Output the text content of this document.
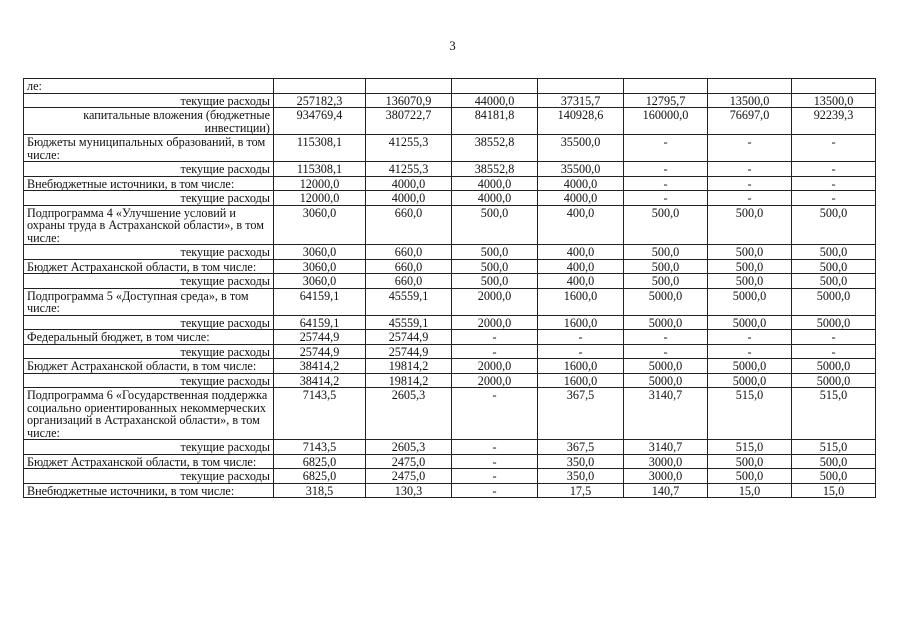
3
ле:							
текущие расходы	257182,3	136070,9	44000,0	37315,7	12795,7	13500,0	13500,0
капитальные вложения (бюджетные инвестиции)	934769,4	380722,7	84181,8	140928,6	160000,0	76697,0	92239,3
Бюджеты муниципальных образований, в том числе:	115308,1	41255,3	38552,8	35500,0	-	-	-
текущие расходы	115308,1	41255,3	38552,8	35500,0	-	-	-
Внебюджетные источники, в том числе:	12000,0	4000,0	4000,0	4000,0	-	-	-
текущие расходы	12000,0	4000,0	4000,0	4000,0	-	-	-
Подпрограмма 4 «Улучшение условий и охраны труда в Астраханской области», в том числе:	3060,0	660,0	500,0	400,0	500,0	500,0	500,0
текущие расходы	3060,0	660,0	500,0	400,0	500,0	500,0	500,0
Бюджет Астраханской области, в том числе:	3060,0	660,0	500,0	400,0	500,0	500,0	500,0
текущие расходы	3060,0	660,0	500,0	400,0	500,0	500,0	500,0
Подпрограмма 5 «Доступная среда», в том числе:	64159,1	45559,1	2000,0	1600,0	5000,0	5000,0	5000,0
текущие расходы	64159,1	45559,1	2000,0	1600,0	5000,0	5000,0	5000,0
Федеральный бюджет, в том числе:	25744,9	25744,9	-	-	-	-	-
текущие расходы	25744,9	25744,9	-	-	-	-	-
Бюджет Астраханской области, в том числе:	38414,2	19814,2	2000,0	1600,0	5000,0	5000,0	5000,0
текущие расходы	38414,2	19814,2	2000,0	1600,0	5000,0	5000,0	5000,0
Подпрограмма 6 «Государственная поддержка социально ориентированных некоммерческих организаций в Астраханской области», в том числе:	7143,5	2605,3	-	367,5	3140,7	515,0	515,0
текущие расходы	7143,5	2605,3	-	367,5	3140,7	515,0	515,0
Бюджет Астраханской области, в том числе:	6825,0	2475,0	-	350,0	3000,0	500,0	500,0
текущие расходы	6825,0	2475,0	-	350,0	3000,0	500,0	500,0
Внебюджетные источники, в том числе:	318,5	130,3	-	17,5	140,7	15,0	15,0
